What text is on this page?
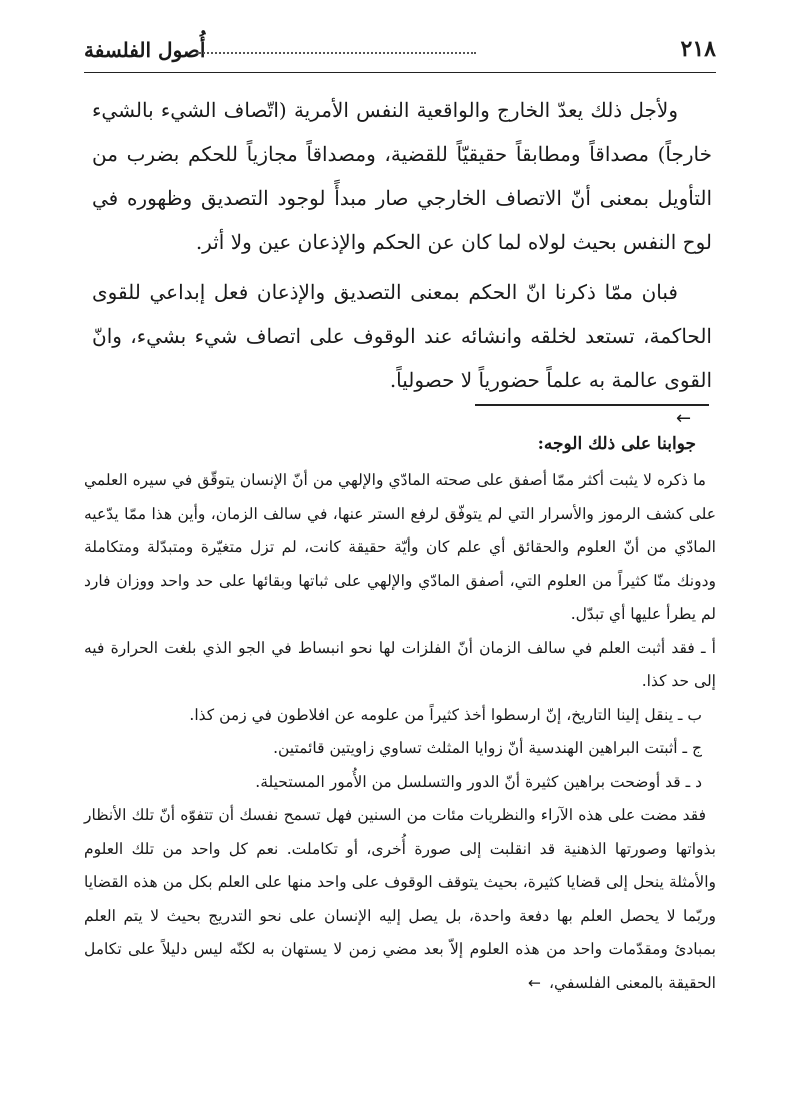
أُصول الفلسفة	٢١٨

ولأجل ذلك يعدّ الخارج والواقعية النفس الأمرية (اتّصاف الشيء بالشيء خارجاً) مصداقاً ومطابقاً حقيقيّاً للقضية، ومصداقاً مجازياً للحكم بضرب من التأويل بمعنى أنّ الاتصاف الخارجي صار مبدأً لوجود التصديق وظهوره في لوح النفس بحيث لولاه لما كان عن الحكم والإذعان عين ولا أثر.

فبان ممّا ذكرنا انّ الحكم بمعنى التصديق والإذعان فعل إبداعي للقوى الحاكمة، تستعد لخلقه وانشائه عند الوقوف على اتصاف شيء بشيء، وانّ القوى عالمة به علماً حضورياً لا حصولياً.

←

جوابنا على ذلك الوجه:

ما ذكره لا يثبت أكثر ممّا أصفق على صحته المادّي والإلهي من أنّ الإنسان يتوقّق في سيره العلمي على كشف الرموز والأسرار التي لم يتوفّق لرفع الستر عنها، في سالف الزمان، وأين هذا ممّا يدّعيه المادّي من أنّ العلوم والحقائق أي علم كان وأيّة حقيقة كانت، لم تزل متغيّرة ومتبدّلة ومتكاملة ودونك منّا كثيراً من العلوم التي، أصفق المادّي والإلهي على ثباتها وبقائها على حد واحد ووزان فارد لم يطرأ عليها أي تبدّل.

أ ـ فقد أثبت العلم في سالف الزمان أنّ الفلزات لها نحو انبساط في الجو الذي بلغت الحرارة فيه إلى حد كذا.

ب ـ ينقل إلينا التاريخ، إنّ ارسطوا أخذ كثيراً من علومه عن افلاطون في زمن كذا.

ج ـ أثبتت البراهين الهندسية أنّ زوايا المثلث تساوي زاويتين قائمتين.

د ـ قد أوضحت براهين كثيرة أنّ الدور والتسلسل من الأُمور المستحيلة.

فقد مضت على هذه الآراء والنظريات مئات من السنين فهل تسمح نفسك أن تتفوّه أنّ تلك الأنظار بذواتها وصورتها الذهنية قد انقلبت إلى صورة أُخرى، أو تكاملت. نعم كل واحد من تلك العلوم والأمثلة ينحل إلى قضايا كثيرة، بحيث يتوقف الوقوف على واحد منها على العلم بكل من هذه القضايا وربّما لا يحصل العلم بها دفعة واحدة، بل يصل إليه الإنسان على نحو التدريج بحيث لا يتم العلم بمبادئ ومقدّمات واحد من هذه العلوم إلاّ بعد مضي زمن لا يستهان به لكنّه ليس دليلاً على تكامل الحقيقة بالمعنى الفلسفي،←
